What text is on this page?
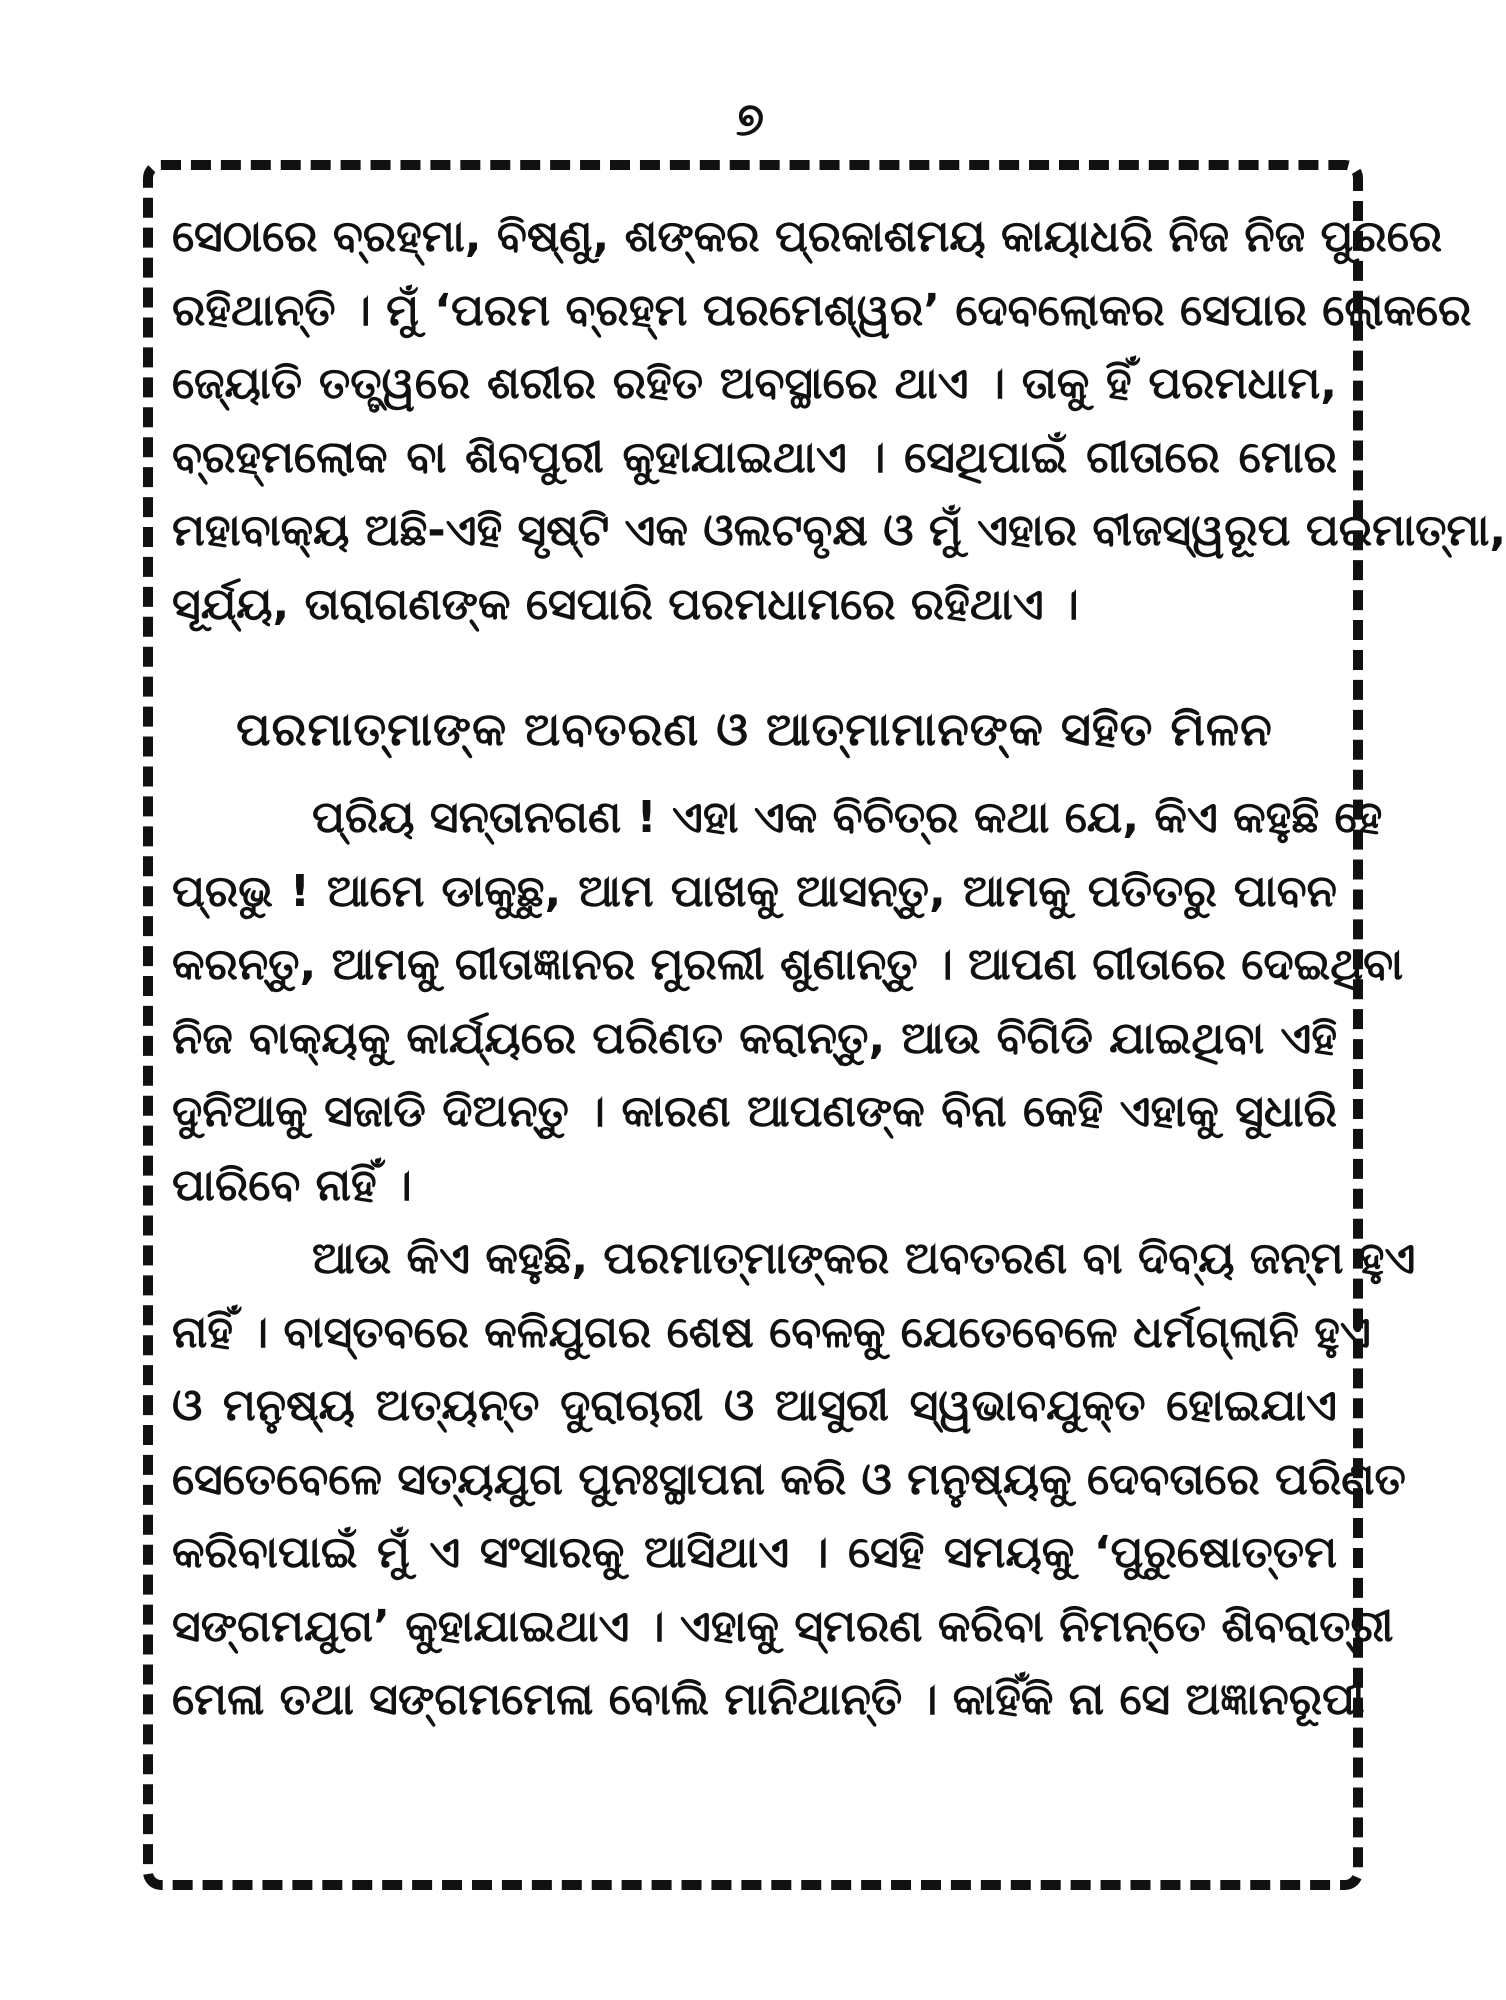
୭
ସେଠାରେ ବ୍ରହ୍ମା, ବିଷ୍ଣୁ, ଶଙ୍କର ପ୍ରକାଶମୟ କାୟାଧରି ନିଜ ନିଜ ପୁରରେ
ରହିଥାନ୍ତି । ମୁଁ ‘ପରମ ବ୍ରହ୍ମ ପରମେଶ୍ୱର’ ଦେବଲୋକର ସେପାର ଲୋକରେ
ଜ୍ୟୋତି ତତ୍ତ୍ୱରେ ଶରୀର ରହିତ ଅବସ୍ଥାରେ ଥାଏ । ତାକୁ ହିଁ ପରମଧାମ,
ବ୍ରହ୍ମଲୋକ ବା ଶିବପୁରୀ କୁହାଯାଇଥାଏ । ସେଥିପାଇଁ ଗୀତାରେ ମୋର
ମହାବାକ୍ୟ ଅଛି-ଏହି ସୃଷ୍ଟି ଏକ ଓଲଟବୃକ୍ଷ ଓ ମୁଁ ଏହାର ବୀଜସ୍ୱରୂପ ପରମାତ୍ମା,
ସୂର୍ଯ୍ୟ, ତାରାଗଣଙ୍କ ସେପାରି ପରମଧାମରେ ରହିଥାଏ ।
ପରମାତ୍ମାଙ୍କ ଅବତରଣ ଓ ଆତ୍ମାମାନଙ୍କ ସହିତ ମିଳନ
ପ୍ରିୟ ସନ୍ତାନଗଣ ! ଏହା ଏକ ବିଚିତ୍ର କଥା ଯେ, କିଏ କହୁଛି ହେ
ପ୍ରଭୁ ! ଆମେ ଡାକୁଛୁ, ଆମ ପାଖକୁ ଆସନ୍ତୁ, ଆମକୁ ପତିତରୁ ପାବନ
କରନ୍ତୁ, ଆମକୁ ଗୀତାଜ୍ଞାନର ମୁରଲୀ ଶୁଣାନ୍ତୁ । ଆପଣ ଗୀତାରେ ଦେଇଥିବା
ନିଜ ବାକ୍ୟକୁ କାର୍ଯ୍ୟରେ ପରିଣତ କରାନ୍ତୁ, ଆଉ ବିଗିଡି ଯାଇଥିବା ଏହି
ଦୁନିଆକୁ ସଜାଡି ଦିଅନ୍ତୁ । କାରଣ ଆପଣଙ୍କ ବିନା କେହି ଏହାକୁ ସୁଧାରି
ପାରିବେ ନାହିଁ ।
ଆଉ କିଏ କହୁଛି, ପରମାତ୍ମାଙ୍କର ଅବତରଣ ବା ଦିବ୍ୟ ଜନ୍ମ ହୁଏ
ନାହିଁ । ବାସ୍ତବରେ କଳିଯୁଗର ଶେଷ ବେଳକୁ ଯେତେବେଳେ ଧର୍ମଗ୍ଲାନି ହୁଏ
ଓ ମନୁଷ୍ୟ ଅତ୍ୟନ୍ତ ଦୁରାଚାରୀ ଓ ଆସୁରୀ ସ୍ୱଭାବଯୁକ୍ତ ହୋଇଯାଏ
ସେତେବେଳେ ସତ୍ୟଯୁଗ ପୁନଃସ୍ଥାପନା କରି ଓ ମନୁଷ୍ୟକୁ ଦେବତାରେ ପରିଣତ
କରିବାପାଇଁ ମୁଁ ଏ ସଂସାରକୁ ଆସିଥାଏ । ସେହି ସମୟକୁ ‘ପୁରୁଷୋତ୍ତମ
ସଙ୍ଗମଯୁଗ’ କୁହାଯାଇଥାଏ । ଏହାକୁ ସ୍ମରଣ କରିବା ନିମନ୍ତେ ଶିବରାତ୍ରୀ
ମେଳା ତଥା ସଙ୍ଗମମେଳା ବୋଲି ମାନିଥାନ୍ତି । କାହିଁକି ନା ସେ ଅଜ୍ଞାନରୂପୀ
